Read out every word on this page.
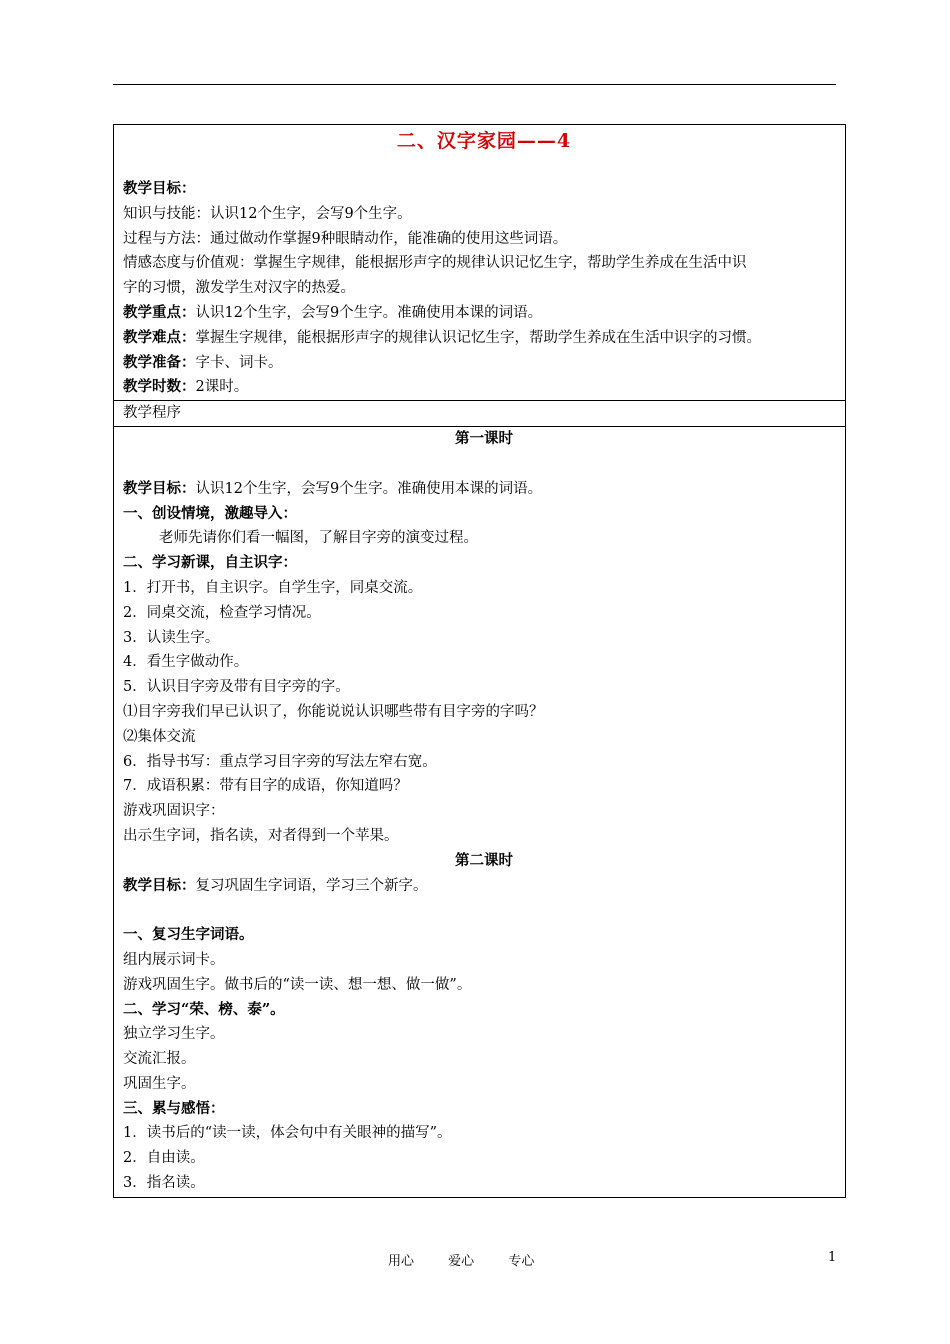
二、汉字家园——4
教学目标：
知识与技能：认识12个生字，会写9个生字。
过程与方法：通过做动作掌握9种眼睛动作，能准确的使用这些词语。
情感态度与价值观：掌握生字规律，能根据形声字的规律认识记忆生字，帮助学生养成在生活中识
字的习惯，激发学生对汉字的热爱。
教学重点：认识12个生字，会写9个生字。准确使用本课的词语。
教学难点：掌握生字规律，能根据形声字的规律认识记忆生字，帮助学生养成在生活中识字的习惯。
教学准备：字卡、词卡。
教学时数：2课时。

教学程序

第一课时
教学目标：认识12个生字，会写9个生字。准确使用本课的词语。
一、创设情境，激趣导入：
老师先请你们看一幅图，了解目字旁的演变过程。
二、学习新课，自主识字：
1．打开书，自主识字。自学生字，同桌交流。
2．同桌交流，检查学习情况。
3．认读生字。
4．看生字做动作。
5．认识目字旁及带有目字旁的字。
⑴目字旁我们早已认识了，你能说说认识哪些带有目字旁的字吗？
⑵集体交流
6．指导书写：重点学习目字旁的写法左窄右宽。
7．成语积累：带有目字的成语，你知道吗？
游戏巩固识字：
出示生字词，指名读，对者得到一个苹果。
第二课时
教学目标：复习巩固生字词语，学习三个新字。
一、复习生字词语。
组内展示词卡。
游戏巩固生字。做书后的“读一读、想一想、做一做”。
二、学习“荣、榜、泰”。
独立学习生字。
交流汇报。
巩固生字。
三、累与感悟：
1．读书后的“读一读，体会句中有关眼神的描写”。
2．自由读。
3．指名读。
用心	爱心	专心	1
